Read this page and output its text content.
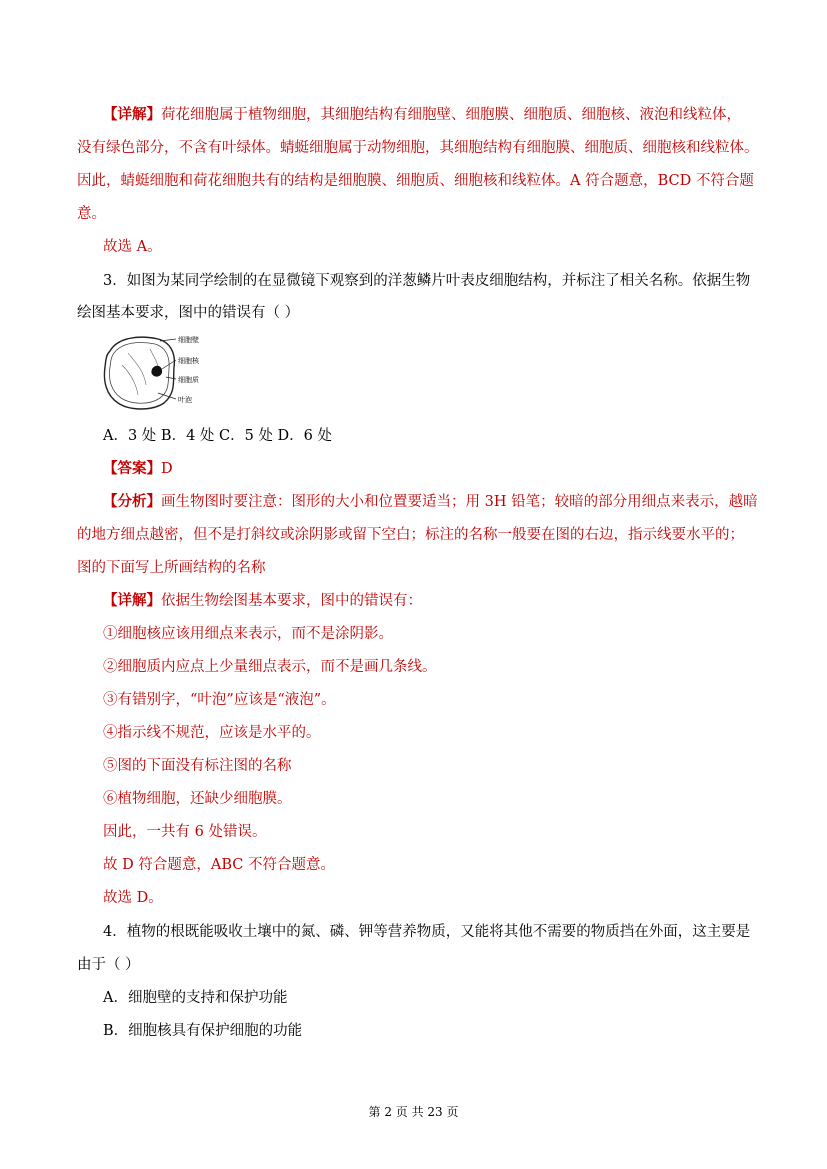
【详解】荷花细胞属于植物细胞，其细胞结构有细胞壁、细胞膜、细胞质、细胞核、液泡和线粒体，
没有绿色部分，不含有叶绿体。蜻蜓细胞属于动物细胞，其细胞结构有细胞膜、细胞质、细胞核和线粒体。
因此，蜻蜓细胞和荷花细胞共有的结构是细胞膜、细胞质、细胞核和线粒体。A 符合题意，BCD 不符合题
意。
故选 A。
3．如图为某同学绘制的在显微镜下观察到的洋葱鳞片叶表皮细胞结构，并标注了相关名称。依据生物
绘图基本要求，图中的错误有（ ）
细胞壁
细胞核
细胞质
叶泡
A．3 处 B．4 处 C．5 处 D．6 处
【答案】D
【分析】画生物图时要注意：图形的大小和位置要适当；用 3H 铅笔；较暗的部分用细点来表示，越暗
的地方细点越密，但不是打斜纹或涂阴影或留下空白；标注的名称一般要在图的右边，指示线要水平的；
图的下面写上所画结构的名称
【详解】依据生物绘图基本要求，图中的错误有：
①细胞核应该用细点来表示，而不是涂阴影。
②细胞质内应点上少量细点表示，而不是画几条线。
③有错别字，“叶泡”应该是“液泡”。
④指示线不规范，应该是水平的。
⑤图的下面没有标注图的名称
⑥植物细胞，还缺少细胞膜。
因此，一共有 6 处错误。
故 D 符合题意，ABC 不符合题意。
故选 D。
4．植物的根既能吸收土壤中的氮、磷、钾等营养物质，又能将其他不需要的物质挡在外面，这主要是
由于（ ）
A．细胞壁的支持和保护功能
B．细胞核具有保护细胞的功能
第 2 页 共 23 页
